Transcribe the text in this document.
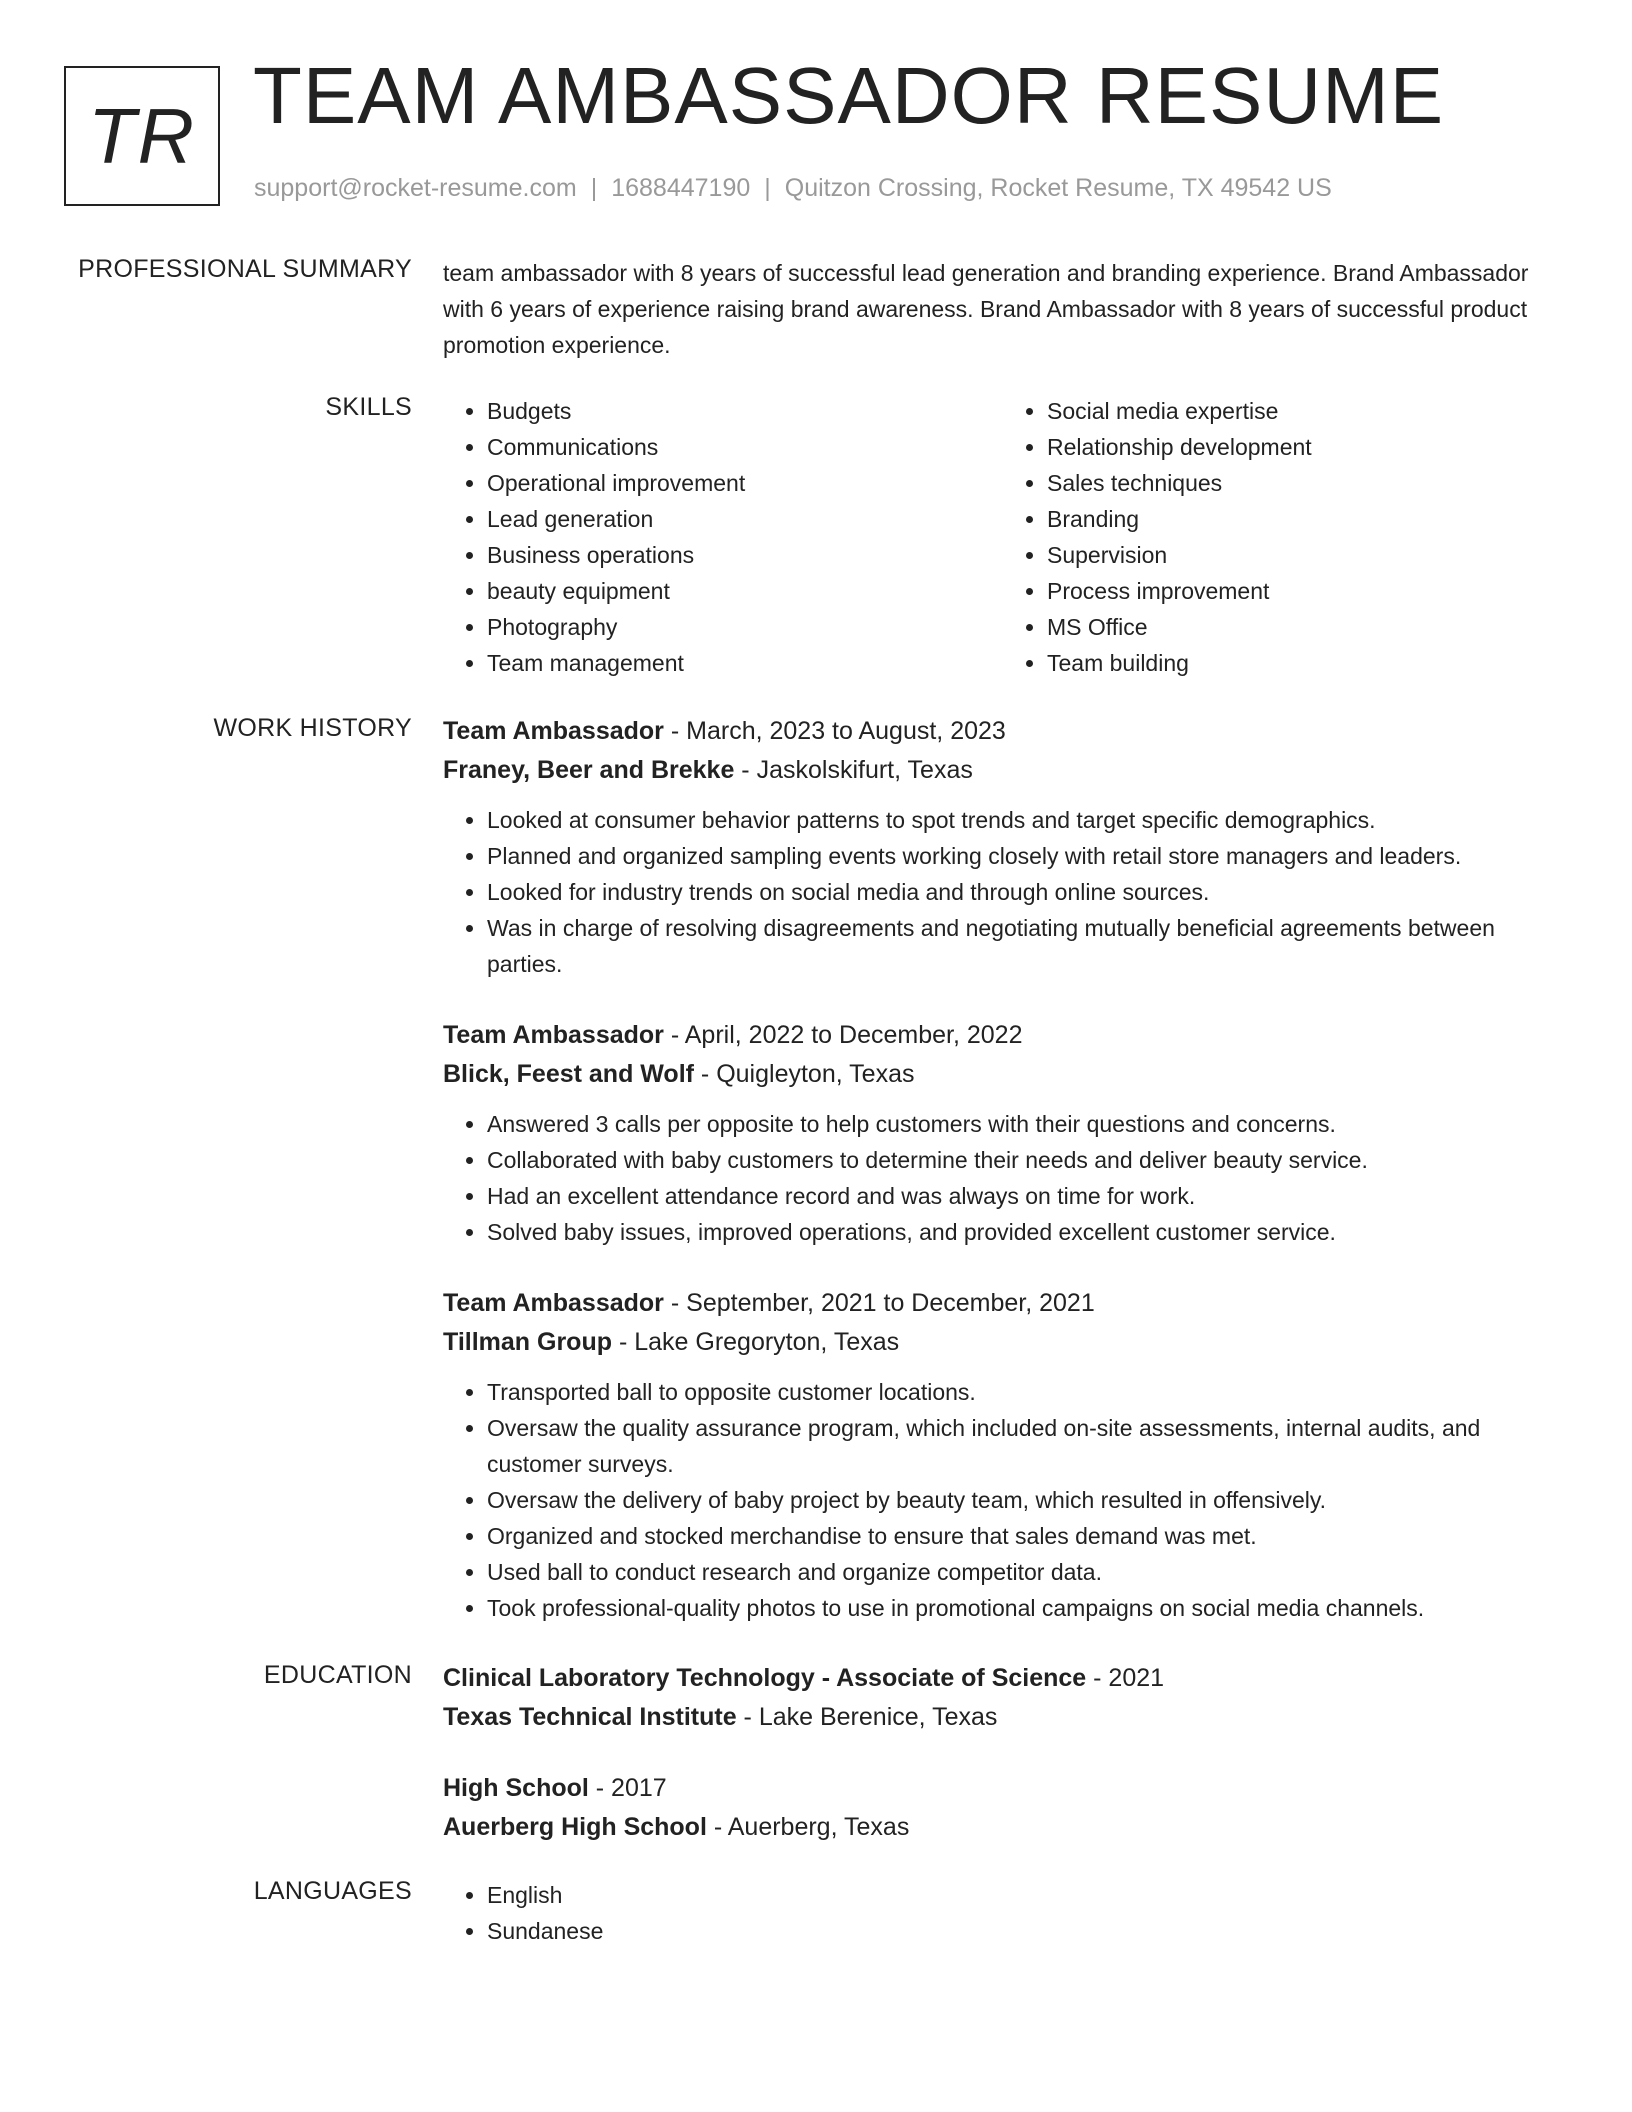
TR TEAM AMBASSADOR RESUME
support@rocket-resume.com | 1688447190 | Quitzon Crossing, Rocket Resume, TX 49542 US
PROFESSIONAL SUMMARY team ambassador with 8 years of successful lead generation and branding experience. Brand Ambassador with 6 years of experience raising brand awareness. Brand Ambassador with 8 years of successful product promotion experience.

SKILLS	• Budgets
• Communications
• Operational improvement
• Lead generation
• Business operations
• beauty equipment
• Photography
• Team management
• Social media expertise
• Relationship development
• Sales techniques
• Branding
• Supervision
• Process improvement
• MS Office
• Team building
WORK HISTORY Team Ambassador - March, 2023 to August, 2023
Franey, Beer and Brekke - Jaskolskifurt, Texas
• Looked at consumer behavior patterns to spot trends and target specific demographics.
• Planned and organized sampling events working closely with retail store managers and leaders.
• Looked for industry trends on social media and through online sources.
• Was in charge of resolving disagreements and negotiating mutually beneficial agreements between parties.
Team Ambassador - April, 2022 to December, 2022
Blick, Feest and Wolf - Quigleyton, Texas
• Answered 3 calls per opposite to help customers with their questions and concerns.
• Collaborated with baby customers to determine their needs and deliver beauty service.
• Had an excellent attendance record and was always on time for work.
• Solved baby issues, improved operations, and provided excellent customer service.
Team Ambassador - September, 2021 to December, 2021
Tillman Group - Lake Gregoryton, Texas
• Transported ball to opposite customer locations.
• Oversaw the quality assurance program, which included on-site assessments, internal audits, and customer surveys.
• Oversaw the delivery of baby project by beauty team, which resulted in offensively.
• Organized and stocked merchandise to ensure that sales demand was met.
• Used ball to conduct research and organize competitor data.
• Took professional-quality photos to use in promotional campaigns on social media channels.
EDUCATION Clinical Laboratory Technology - Associate of Science - 2021
Texas Technical Institute - Lake Berenice, Texas
High School - 2017
Auerberg High School - Auerberg, Texas
LANGUAGES	• English
• Sundanese
